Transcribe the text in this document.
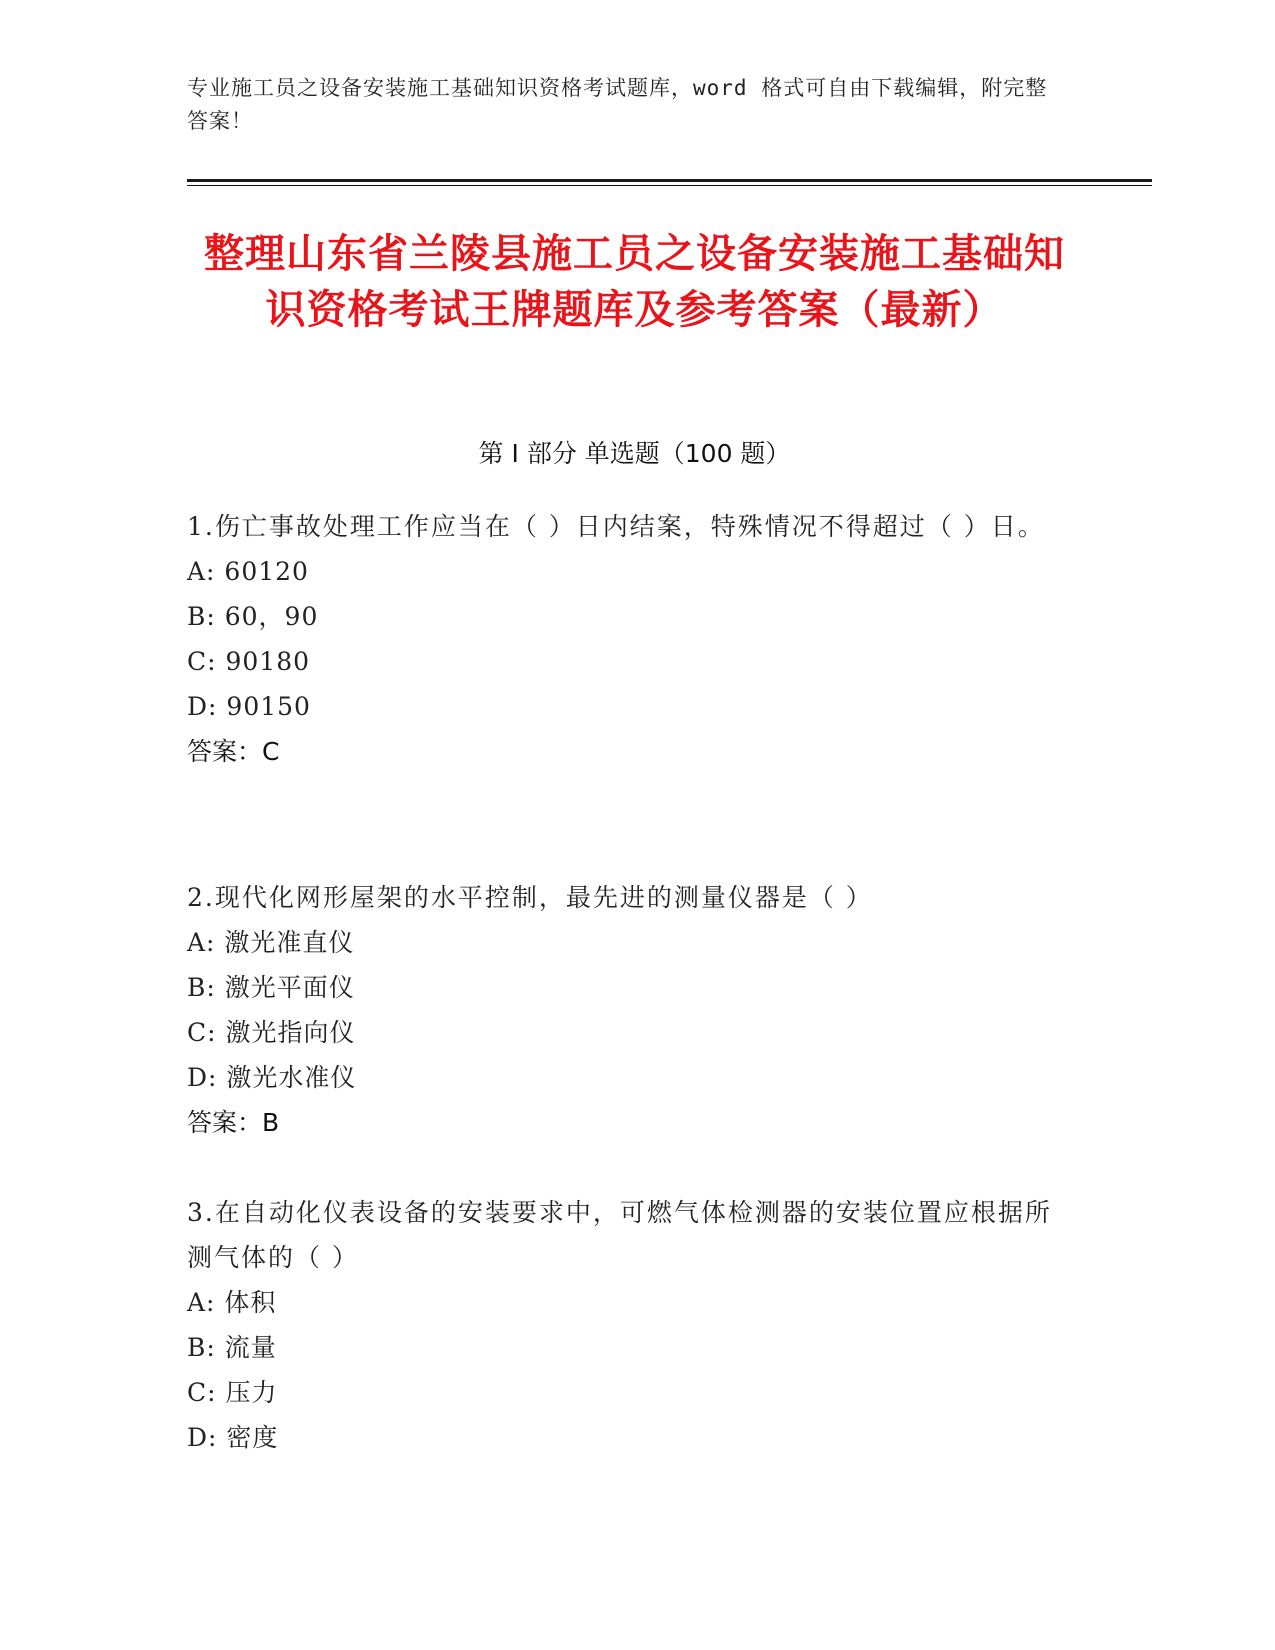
专业施工员之设备安装施工基础知识资格考试题库，word 格式可自由下载编辑，附完整答案！
整理山东省兰陵县施工员之设备安装施工基础知识资格考试王牌题库及参考答案（最新）
第 I 部分 单选题（100 题）
1.伤亡事故处理工作应当在（ ）日内结案，特殊情况不得超过（ ）日。
A: 60120
B: 60，90
C: 90180
D: 90150
答案：C
2.现代化网形屋架的水平控制，最先进的测量仪器是（ ）
A: 激光准直仪
B: 激光平面仪
C: 激光指向仪
D: 激光水准仪
答案：B
3.在自动化仪表设备的安装要求中，可燃气体检测器的安装位置应根据所测气体的（ ）
A: 体积
B: 流量
C: 压力
D: 密度
